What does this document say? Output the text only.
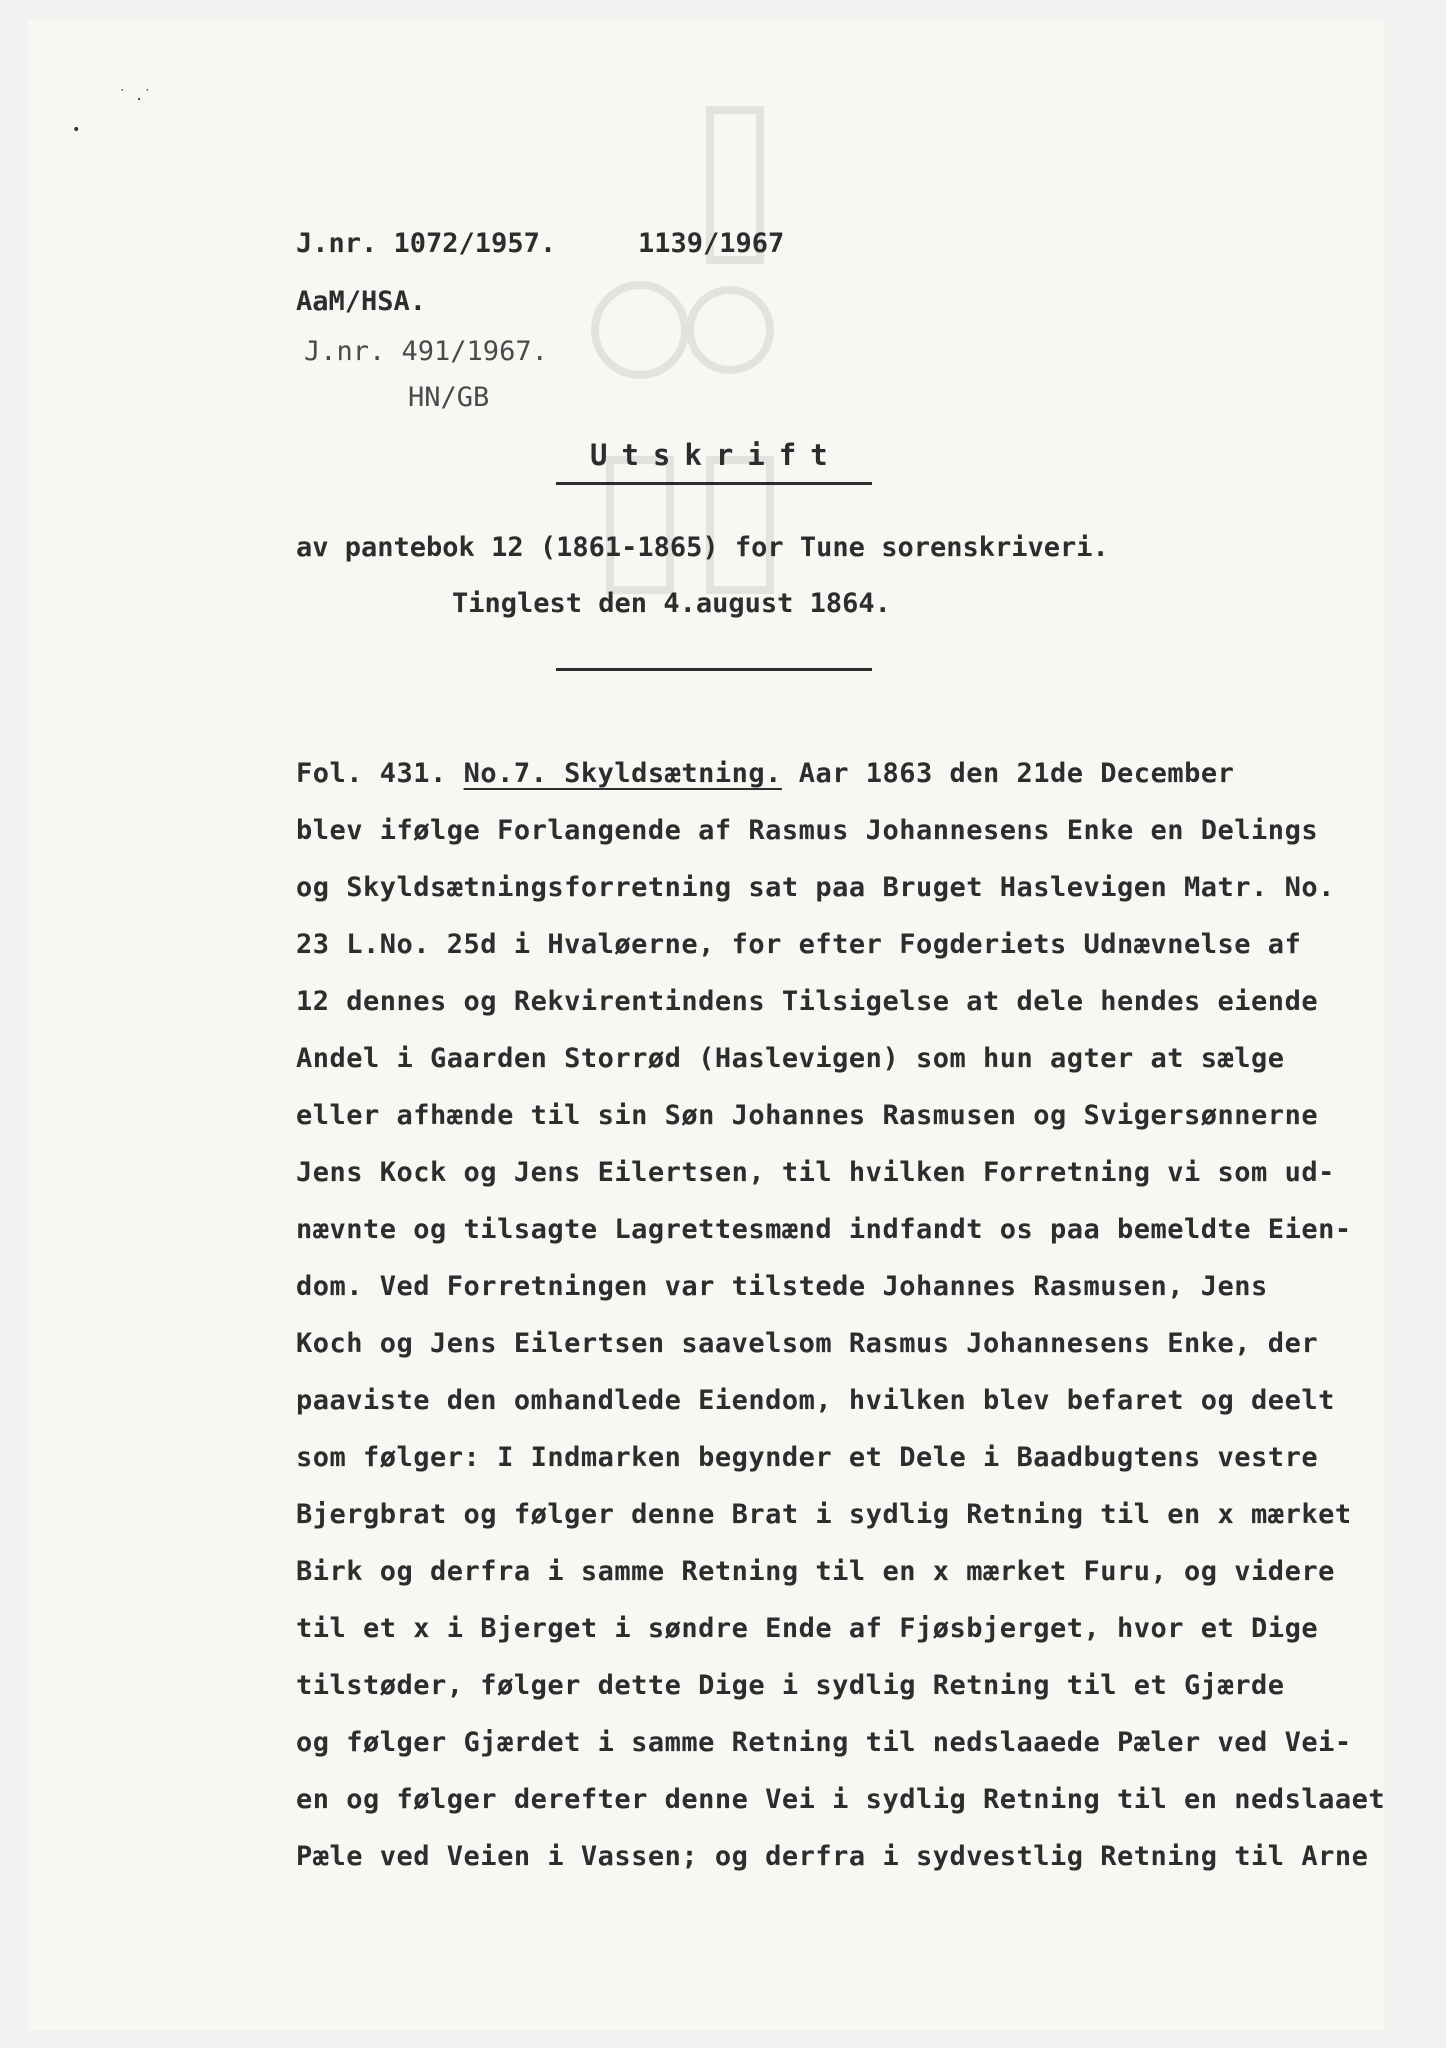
•
˙ .˙
J.nr. 1072/1957.	1139/1967
AaM/HSA.
J.nr. 491/1967.
HN/GB
Utskrift
av pantebok 12 (1861-1865) for Tune sorenskriveri.
Tinglest den 4.august 1864.
Fol. 431. No.7. Skyldsætning. Aar 1863 den 21de December
blev ifølge Forlangende af Rasmus Johannesens Enke en Delings
og Skyldsætningsforretning sat paa Bruget Haslevigen Matr. No.
23 L.No. 25d i Hvaløerne, for efter Fogderiets Udnævnelse af
12 dennes og Rekvirentindens Tilsigelse at dele hendes eiende
Andel i Gaarden Storrød (Haslevigen) som hun agter at sælge
eller afhænde til sin Søn Johannes Rasmusen og Svigersønnerne
Jens Kock og Jens Eilertsen, til hvilken Forretning vi som ud-
nævnte og tilsagte Lagrettesmænd indfandt os paa bemeldte Eien-
dom. Ved Forretningen var tilstede Johannes Rasmusen, Jens
Koch og Jens Eilertsen saavelsom Rasmus Johannesens Enke, der
paaviste den omhandlede Eiendom, hvilken blev befaret og deelt
som følger: I Indmarken begynder et Dele i Baadbugtens vestre
Bjergbrat og følger denne Brat i sydlig Retning til en x mærket
Birk og derfra i samme Retning til en x mærket Furu, og videre
til et x i Bjerget i søndre Ende af Fjøsbjerget, hvor et Dige
tilstøder, følger dette Dige i sydlig Retning til et Gjærde
og følger Gjærdet i samme Retning til nedslaaede Pæler ved Vei-
en og følger derefter denne Vei i sydlig Retning til en nedslaaet
Pæle ved Veien i Vassen; og derfra i sydvestlig Retning til Arne
